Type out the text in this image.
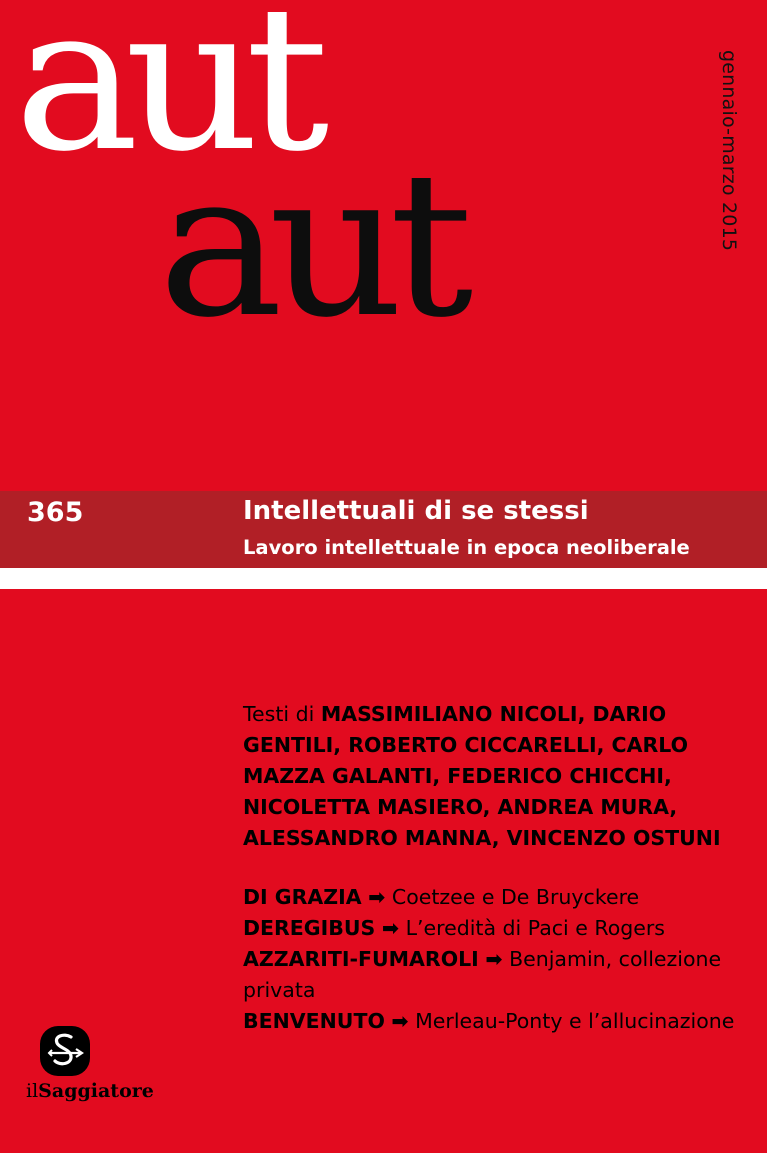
aut
aut	gennaio-marzo 2015
365	Intellettuali di se stessi
Lavoro intellettuale in epoca neoliberale
Testi di MASSIMILIANO NICOLI, DARIO GENTILI, ROBERTO CICCARELLI, CARLO MAZZA GALANTI, FEDERICO CHICCHI, NICOLETTA MASIERO, ANDREA MURA, ALESSANDRO MANNA, VINCENZO OSTUNI

DI GRAZIA ➡ Coetzee e De Bruyckere

DEREGIBUS ➡ L’eredità di Paci e Rogers

AZZARITI-FUMAROLI ➡ Benjamin, collezione privata

BENVENUTO ➡ Merleau-Ponty e l’allucinazione

ilSaggiatore
